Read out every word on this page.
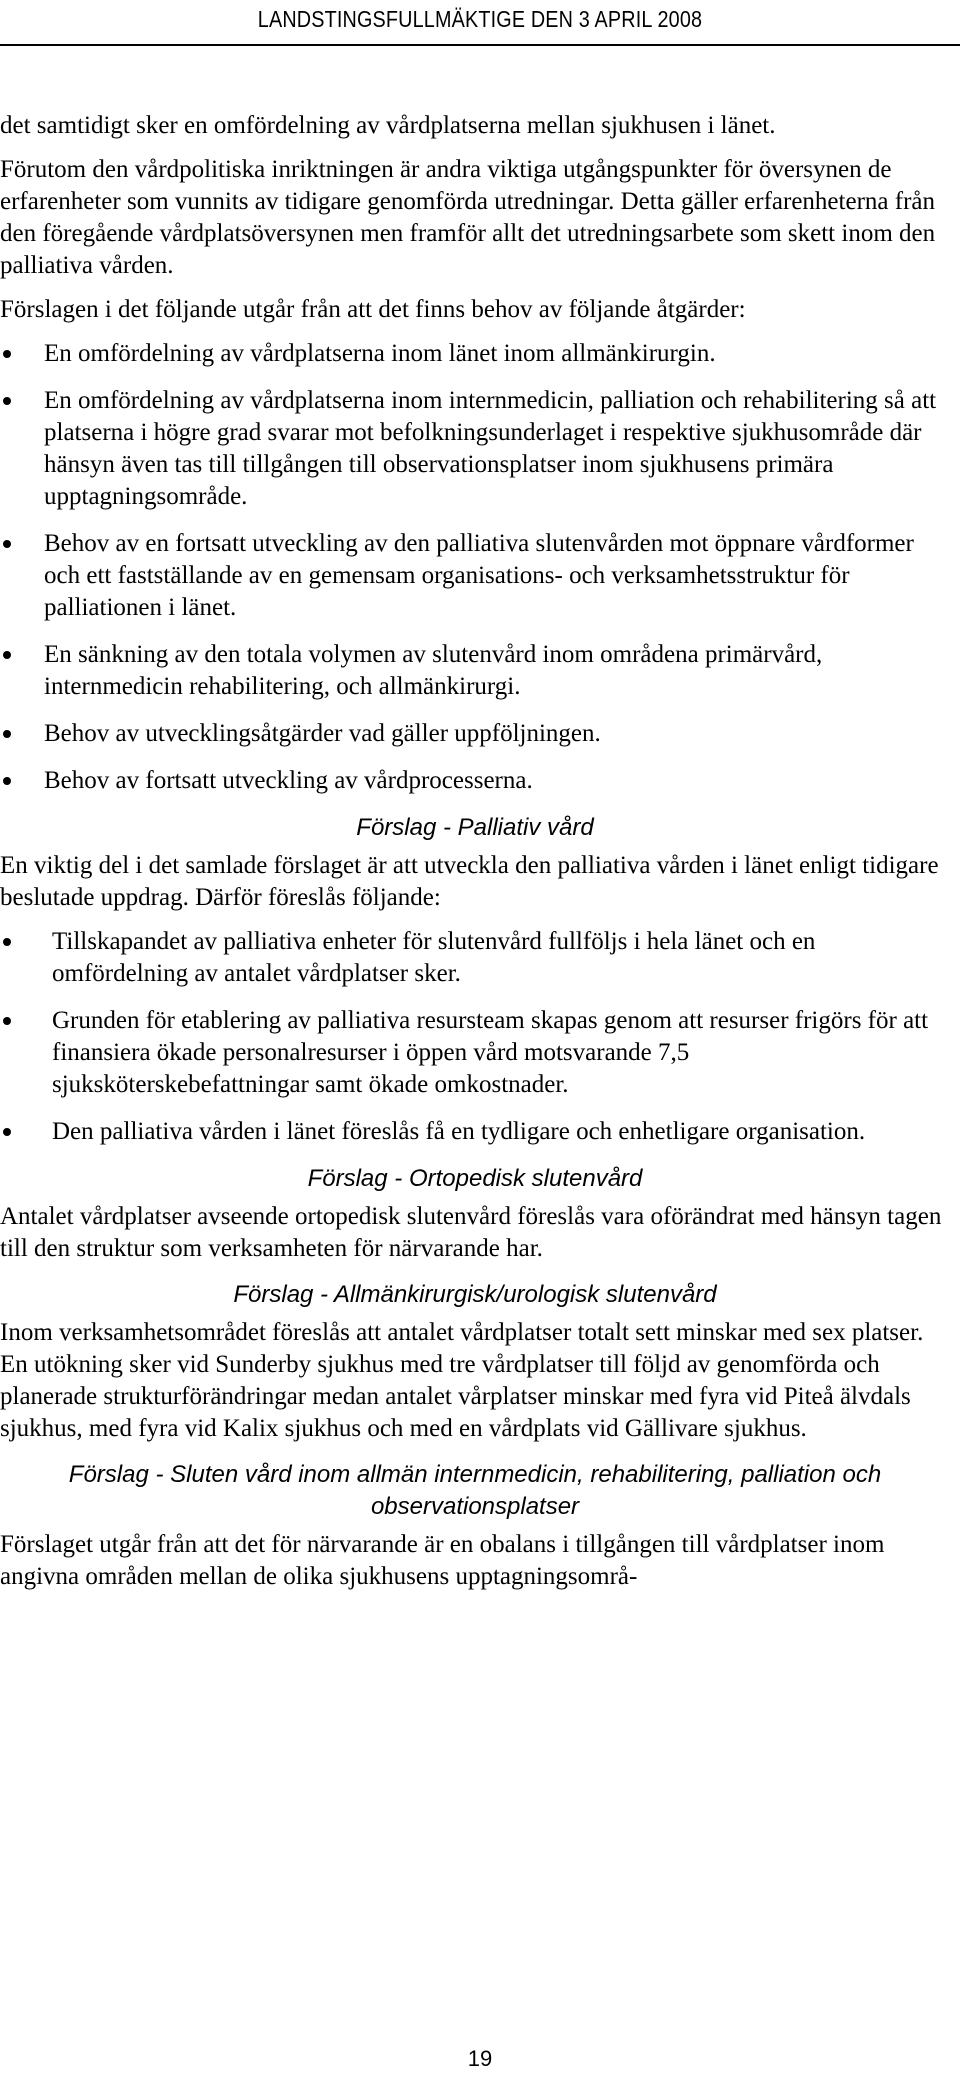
LANDSTINGSFULLMÄKTIGE DEN 3 APRIL 2008

det samtidigt sker en omfördelning av vårdplatserna mellan sjukhusen i länet.

Förutom den vårdpolitiska inriktningen är andra viktiga utgångspunkter för översynen de erfarenheter som vunnits av tidigare genomförda utredningar. Detta gäller erfarenheterna från den föregående vårdplatsöversynen men framför allt det utredningsarbete som skett inom den palliativa vården.

Förslagen i det följande utgår från att det finns behov av följande åtgärder:

En omfördelning av vårdplatserna inom länet inom allmänkirurgin.
En omfördelning av vårdplatserna inom internmedicin, palliation och rehabilitering så att platserna i högre grad svarar mot befolkningsunderlaget i respektive sjukhusområde där hänsyn även tas till tillgången till observationsplatser inom sjukhusens primära upptagningsområde.
Behov av en fortsatt utveckling av den palliativa slutenvården mot öppnare vårdformer och ett fastställande av en gemensam organisations- och verksamhetsstruktur för palliationen i länet.
En sänkning av den totala volymen av slutenvård inom områdena primärvård, internmedicin rehabilitering, och allmänkirurgi.
Behov av utvecklingsåtgärder vad gäller uppföljningen.
Behov av fortsatt utveckling av vårdprocesserna.
Förslag - Palliativ vård

En viktig del i det samlade förslaget är att utveckla den palliativa vården i länet enligt tidigare beslutade uppdrag. Därför föreslås följande:

Tillskapandet av palliativa enheter för slutenvård fullföljs i hela länet och en omfördelning av antalet vårdplatser sker.
Grunden för etablering av palliativa resursteam skapas genom att resurser frigörs för att finansiera ökade personalresurser i öppen vård motsvarande 7,5 sjuksköterskebefattningar samt ökade omkostnader.
Den palliativa vården i länet föreslås få en tydligare och enhetligare organisation.
Förslag - Ortopedisk slutenvård

Antalet vårdplatser avseende ortopedisk slutenvård föreslås vara oförändrat med hänsyn tagen till den struktur som verksamheten för närvarande har.

Förslag - Allmänkirurgisk/urologisk slutenvård

Inom verksamhetsområdet föreslås att antalet vårdplatser totalt sett minskar med sex platser. En utökning sker vid Sunderby sjukhus med tre vårdplatser till följd av genomförda och planerade strukturförändringar medan antalet vårplatser minskar med fyra vid Piteå älvdals sjukhus, med fyra vid Kalix sjukhus och med en vårdplats vid Gällivare sjukhus.

Förslag - Sluten vård inom allmän internmedicin, rehabilitering, palliation och observationsplatser

Förslaget utgår från att det för närvarande är en obalans i tillgången till vårdplatser inom angivna områden mellan de olika sjukhusens upptagningsområ-

19
